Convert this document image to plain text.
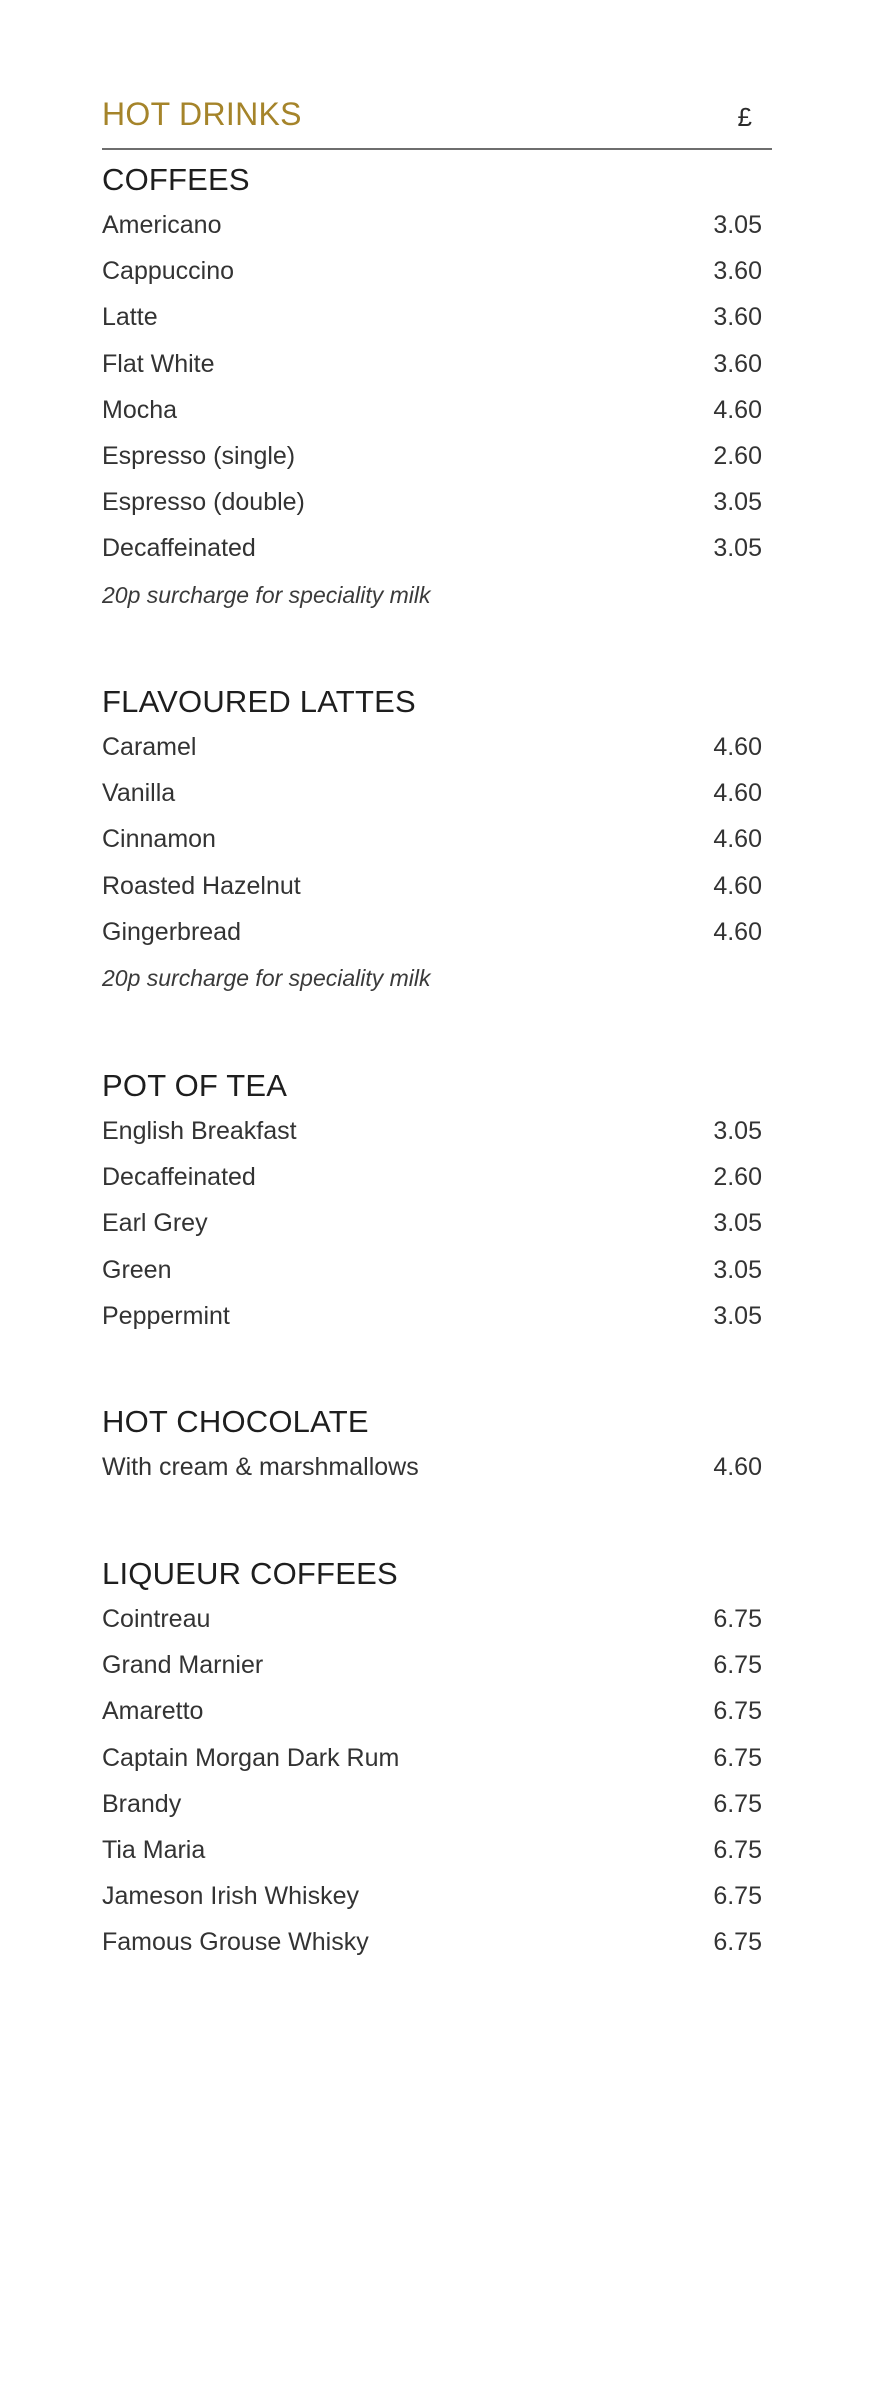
HOT DRINKS	£
COFFEES
Americano	3.05
Cappuccino	3.60
Latte	3.60
Flat White	3.60
Mocha	4.60
Espresso (single)	2.60
Espresso (double)	3.05
Decaffeinated	3.05
20p surcharge for speciality milk
FLAVOURED LATTES
Caramel	4.60
Vanilla	4.60
Cinnamon	4.60
Roasted Hazelnut	4.60
Gingerbread	4.60
20p surcharge for speciality milk
POT OF TEA
English Breakfast	3.05
Decaffeinated	2.60
Earl Grey	3.05
Green	3.05
Peppermint	3.05
HOT CHOCOLATE
With cream & marshmallows	4.60
LIQUEUR COFFEES
Cointreau	6.75
Grand Marnier	6.75
Amaretto	6.75
Captain Morgan Dark Rum	6.75
Brandy	6.75
Tia Maria	6.75
Jameson Irish Whiskey	6.75
Famous Grouse Whisky	6.75
